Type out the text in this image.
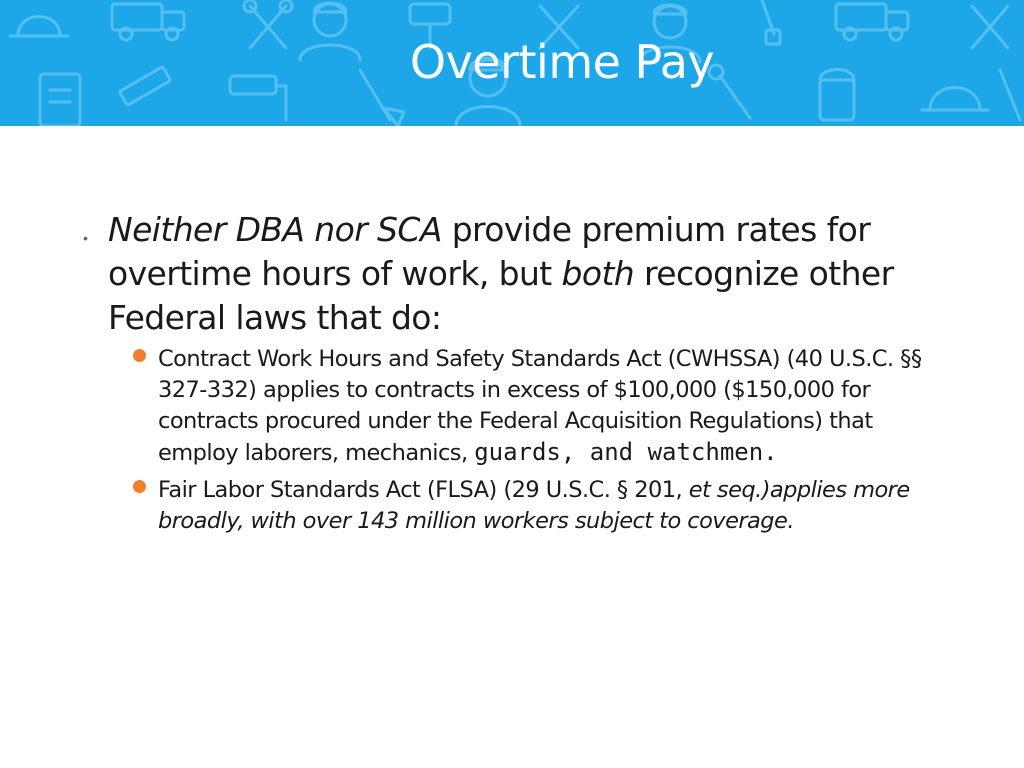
Overtime Pay
• Neither DBA nor SCA provide premium rates for overtime hours of work, but both recognize other Federal laws that do:
Contract Work Hours and Safety Standards Act (CWHSSA) (40 U.S.C. §§ 327-332) applies to contracts in excess of $100,000 ($150,000 for contracts procured under the Federal Acquisition Regulations) that employ laborers, mechanics, guards, and watchmen.
Fair Labor Standards Act (FLSA) (29 U.S.C. § 201, et seq.)applies more broadly, with over 143 million workers subject to coverage.
